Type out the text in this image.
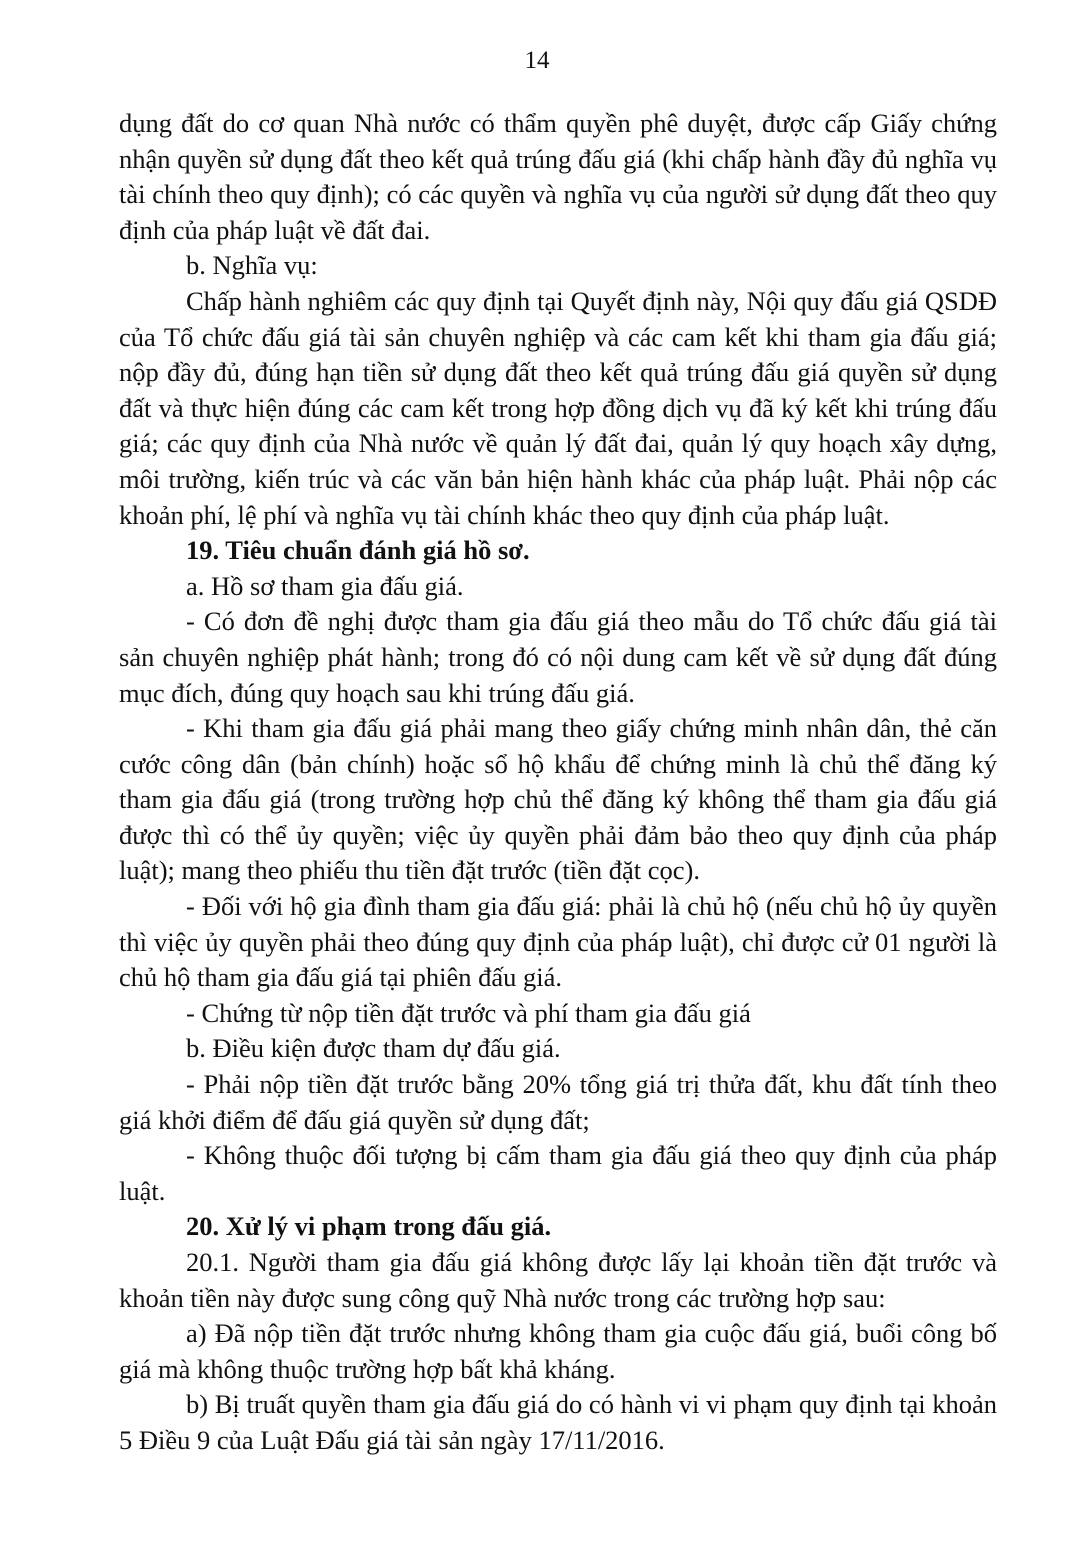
14

dụng đất do cơ quan Nhà nước có thẩm quyền phê duyệt, được cấp Giấy chứng nhận quyền sử dụng đất theo kết quả trúng đấu giá (khi chấp hành đầy đủ nghĩa vụ tài chính theo quy định); có các quyền và nghĩa vụ của người sử dụng đất theo quy định của pháp luật về đất đai.

b. Nghĩa vụ:

Chấp hành nghiêm các quy định tại Quyết định này, Nội quy đấu giá QSDĐ của Tổ chức đấu giá tài sản chuyên nghiệp và các cam kết khi tham gia đấu giá; nộp đầy đủ, đúng hạn tiền sử dụng đất theo kết quả trúng đấu giá quyền sử dụng đất và thực hiện đúng các cam kết trong hợp đồng dịch vụ đã ký kết khi trúng đấu giá; các quy định của Nhà nước về quản lý đất đai, quản lý quy hoạch xây dựng, môi trường, kiến trúc và các văn bản hiện hành khác của pháp luật. Phải nộp các khoản phí, lệ phí và nghĩa vụ tài chính khác theo quy định của pháp luật.

19. Tiêu chuẩn đánh giá hồ sơ.

a. Hồ sơ tham gia đấu giá.

- Có đơn đề nghị được tham gia đấu giá theo mẫu do Tổ chức đấu giá tài sản chuyên nghiệp phát hành; trong đó có nội dung cam kết về sử dụng đất đúng mục đích, đúng quy hoạch sau khi trúng đấu giá.

- Khi tham gia đấu giá phải mang theo giấy chứng minh nhân dân, thẻ căn cước công dân (bản chính) hoặc sổ hộ khẩu để chứng minh là chủ thể đăng ký tham gia đấu giá (trong trường hợp chủ thể đăng ký không thể tham gia đấu giá được thì có thể ủy quyền; việc ủy quyền phải đảm bảo theo quy định của pháp luật); mang theo phiếu thu tiền đặt trước (tiền đặt cọc).

- Đối với hộ gia đình tham gia đấu giá: phải là chủ hộ (nếu chủ hộ ủy quyền thì việc ủy quyền phải theo đúng quy định của pháp luật), chỉ được cử 01 người là chủ hộ tham gia đấu giá tại phiên đấu giá.

- Chứng từ nộp tiền đặt trước và phí tham gia đấu giá

b. Điều kiện được tham dự đấu giá.

- Phải nộp tiền đặt trước bằng 20% tổng giá trị thửa đất, khu đất tính theo giá khởi điểm để đấu giá quyền sử dụng đất;

- Không thuộc đối tượng bị cấm tham gia đấu giá theo quy định của pháp luật.

20. Xử lý vi phạm trong đấu giá.

20.1. Người tham gia đấu giá không được lấy lại khoản tiền đặt trước và khoản tiền này được sung công quỹ Nhà nước trong các trường hợp sau:

a) Đã nộp tiền đặt trước nhưng không tham gia cuộc đấu giá, buổi công bố giá mà không thuộc trường hợp bất khả kháng.

b) Bị truất quyền tham gia đấu giá do có hành vi vi phạm quy định tại khoản 5 Điều 9 của Luật Đấu giá tài sản ngày 17/11/2016.
